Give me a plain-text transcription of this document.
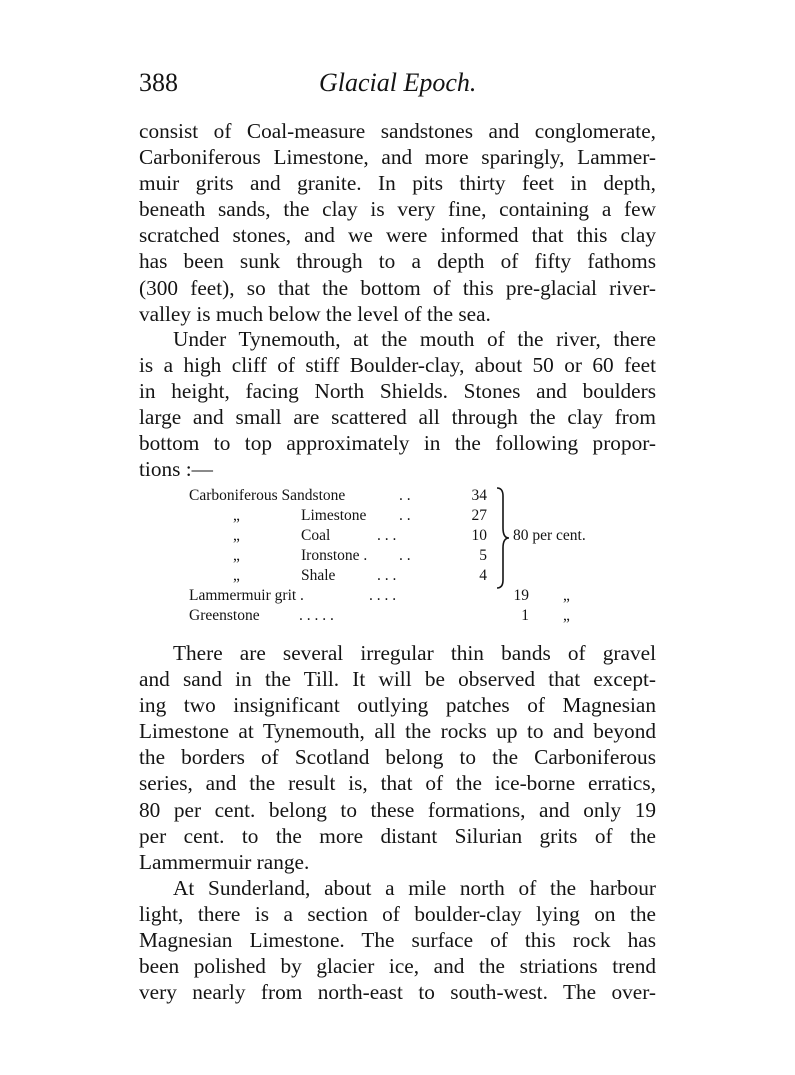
388	Glacial Epoch.

consist of Coal-measure sandstones and conglomerate,
Carboniferous Limestone, and more sparingly, Lammer-
muir grits and granite. In pits thirty feet in depth,
beneath sands, the clay is very fine, containing a few
scratched stones, and we were informed that this clay
has been sunk through to a depth of fifty fathoms
(300 feet), so that the bottom of this pre-glacial river-
valley is much below the level of the sea.

Under Tynemouth, at the mouth of the river, there
is a high cliff of stiff Boulder-clay, about 50 or 60 feet
in height, facing North Shields. Stones and boulders
large and small are scattered all through the clay from
bottom to top approximately in the following propor-
tions :—

Carboniferous Sandstone	. .	34
„	Limestone . .	27
„	Coal	. . .	10
„	Ironstone . . .	5
„	Shale	. . .	4
Lammermuir grit .	. . . .	19 „
Greenstone	. . . . .	1 „
80 per cent.

There are several irregular thin bands of gravel
and sand in the Till. It will be observed that except-
ing two insignificant outlying patches of Magnesian
Limestone at Tynemouth, all the rocks up to and beyond
the borders of Scotland belong to the Carboniferous
series, and the result is, that of the ice-borne erratics,
80 per cent. belong to these formations, and only 19
per cent. to the more distant Silurian grits of the
Lammermuir range.

At Sunderland, about a mile north of the harbour
light, there is a section of boulder-clay lying on the
Magnesian Limestone. The surface of this rock has
been polished by glacier ice, and the striations trend
very nearly from north-east to south-west. The over-
